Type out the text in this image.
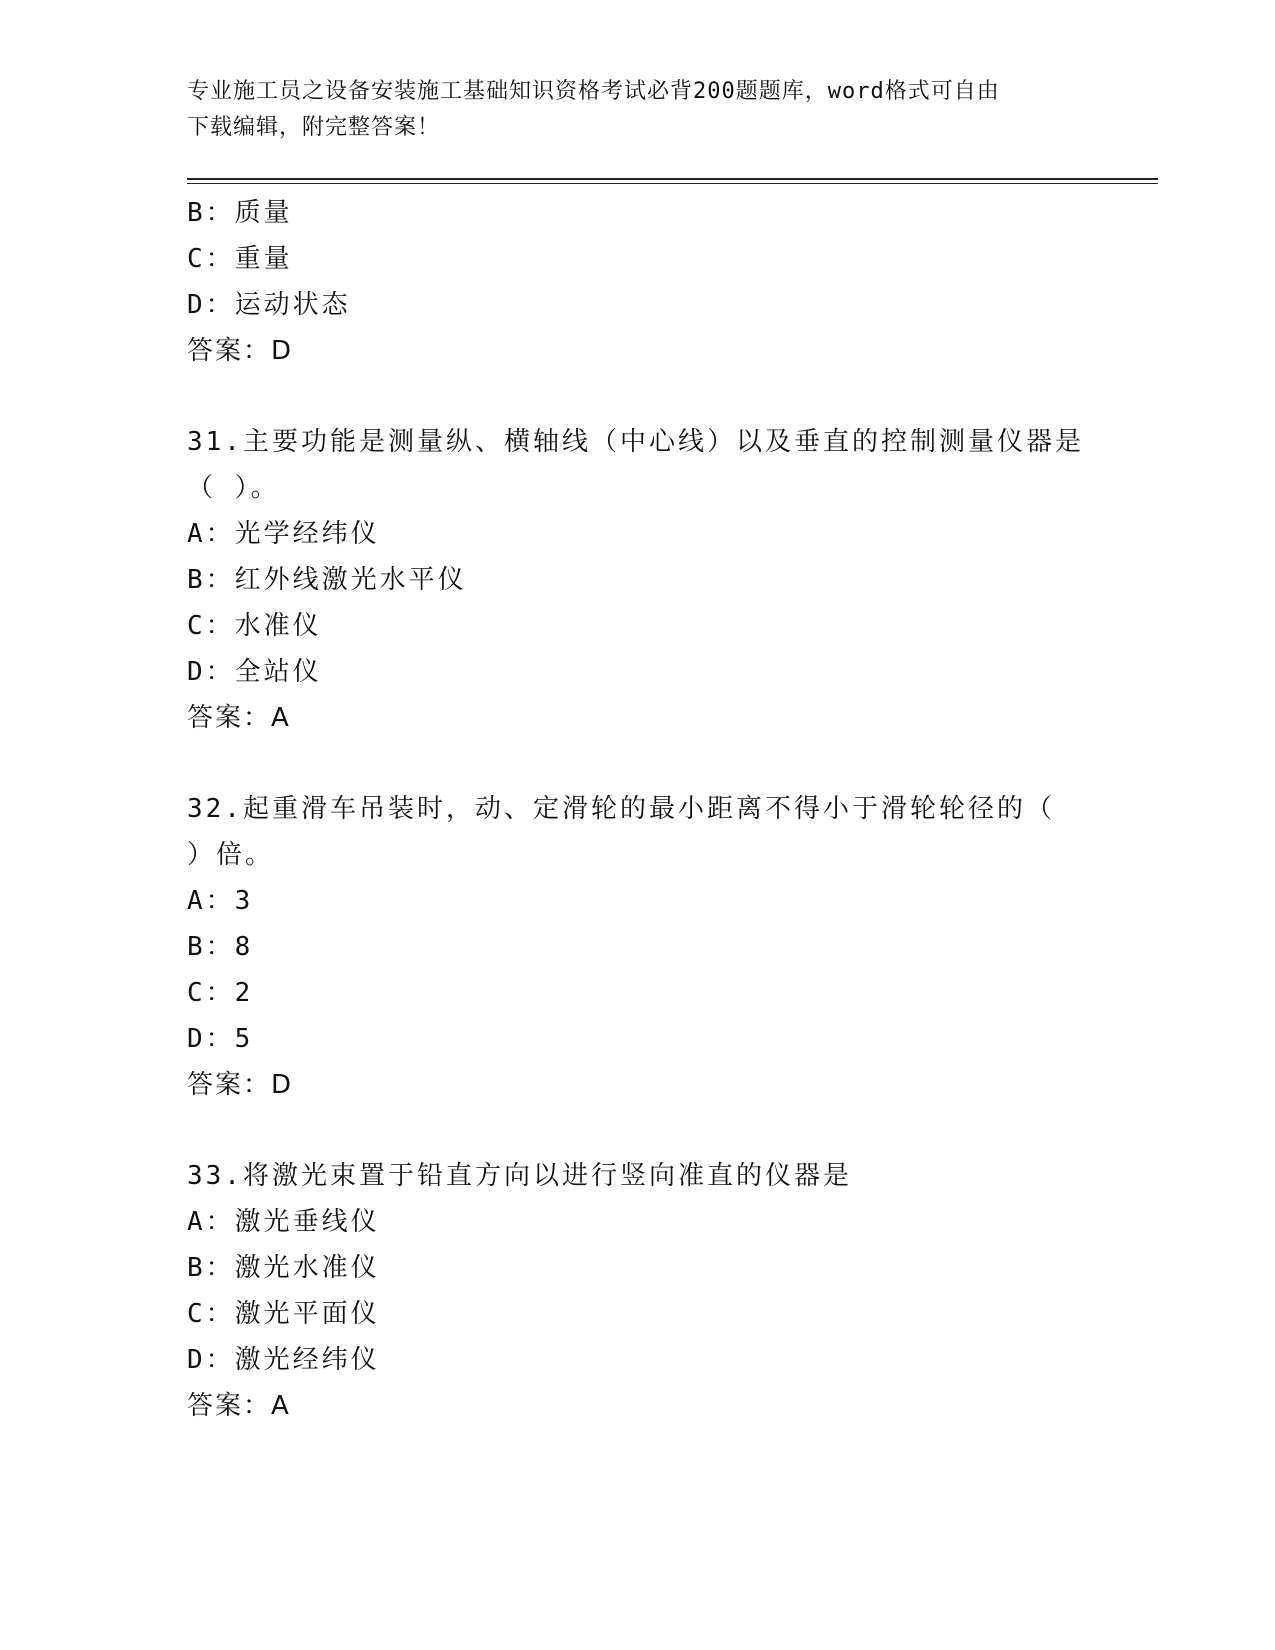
专业施工员之设备安装施工基础知识资格考试必背200题题库，word格式可自由
下载编辑，附完整答案！
B：质量
C：重量
D：运动状态
答案：D
31.主要功能是测量纵、横轴线（中心线）以及垂直的控制测量仪器是
（ ）。
A：光学经纬仪
B：红外线激光水平仪
C：水准仪
D：全站仪
答案：A
32.起重滑车吊装时，动、定滑轮的最小距离不得小于滑轮轮径的（
）倍。
A：3
B：8
C：2
D：5
答案：D
33.将激光束置于铅直方向以进行竖向准直的仪器是
A：激光垂线仪
B：激光水准仪
C：激光平面仪
D：激光经纬仪
答案：A
